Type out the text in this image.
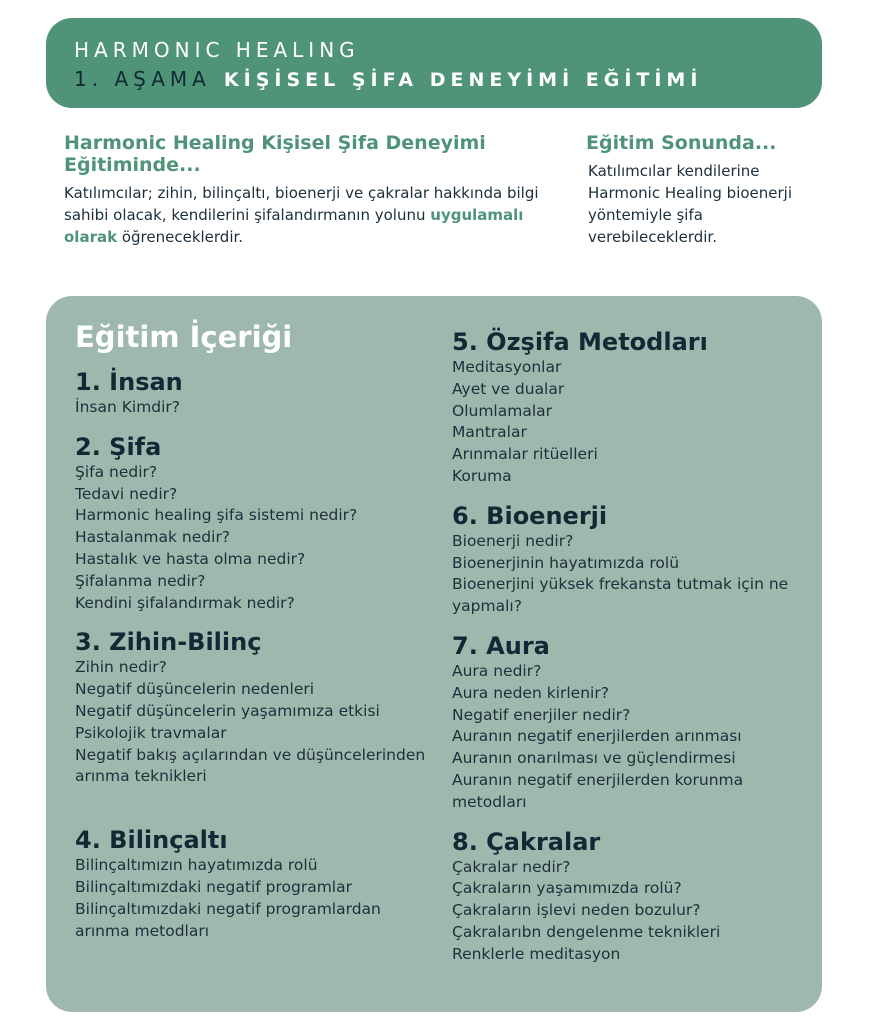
HARMONIC HEALING
1. AŞAMA KİŞİSEL ŞİFA DENEYİMİ EĞİTİMİ
Harmonic Healing Kişisel Şifa Deneyimi Eğitiminde...

Katılımcılar; zihin, bilinçaltı, bioenerji ve çakralar hakkında bilgi sahibi olacak, kendilerini şifalandırmanın yolunu uygulamalı olarak öğreneceklerdir.

Eğitim Sonunda...

Katılımcılar kendilerine Harmonic Healing bioenerji yöntemiyle şifa verebileceklerdir.

Eğitim İçeriği
1. İnsan
İnsan Kimdir?
2. Şifa
Şifa nedir?
Tedavi nedir?
Harmonic healing şifa sistemi nedir?
Hastalanmak nedir?
Hastalık ve hasta olma nedir?
Şifalanma nedir?
Kendini şifalandırmak nedir?
3. Zihin-Bilinç
Zihin nedir?
Negatif düşüncelerin nedenleri
Negatif düşüncelerin yaşamımıza etkisi
Psikolojik travmalar
Negatif bakış açılarından ve düşüncelerinden arınma teknikleri
4. Bilinçaltı
Bilinçaltımızın hayatımızda rolü
Bilinçaltımızdaki negatif programlar
Bilinçaltımızdaki negatif programlardan arınma metodları
5. Özşifa Metodları
Meditasyonlar
Ayet ve dualar
Olumlamalar
Mantralar
Arınmalar ritüelleri
Koruma
6. Bioenerji
Bioenerji nedir?
Bioenerjinin hayatımızda rolü
Bioenerjini yüksek frekansta tutmak için ne yapmalı?
7. Aura
Aura nedir?
Aura neden kirlenir?
Negatif enerjiler nedir?
Auranın negatif enerjilerden arınması
Auranın onarılması ve güçlendirmesi
Auranın negatif enerjilerden korunma metodları
8. Çakralar
Çakralar nedir?
Çakraların yaşamımızda rolü?
Çakraların işlevi neden bozulur?
Çakralarıbn dengelenme teknikleri
Renklerle meditasyon
